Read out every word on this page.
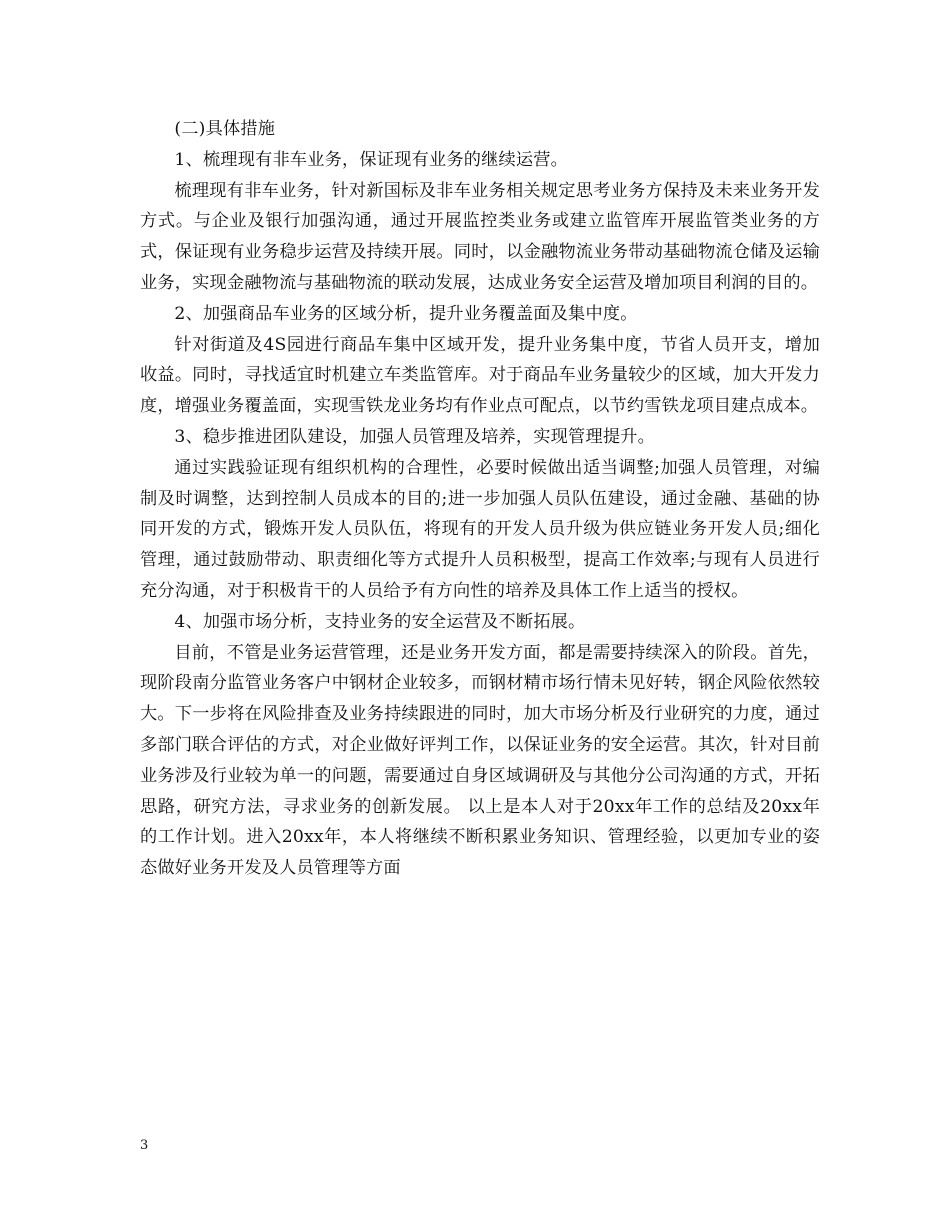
(二)具体措施

1、梳理现有非车业务，保证现有业务的继续运营。

梳理现有非车业务，针对新国标及非车业务相关规定思考业务方保持及未来业务开发方式。与企业及银行加强沟通，通过开展监控类业务或建立监管库开展监管类业务的方式，保证现有业务稳步运营及持续开展。同时，以金融物流业务带动基础物流仓储及运输业务，实现金融物流与基础物流的联动发展，达成业务安全运营及增加项目利润的目的。

2、加强商品车业务的区域分析，提升业务覆盖面及集中度。

针对街道及4S园进行商品车集中区域开发，提升业务集中度，节省人员开支，增加收益。同时，寻找适宜时机建立车类监管库。对于商品车业务量较少的区域，加大开发力度，增强业务覆盖面，实现雪铁龙业务均有作业点可配点，以节约雪铁龙项目建点成本。

3、稳步推进团队建设，加强人员管理及培养，实现管理提升。

通过实践验证现有组织机构的合理性，必要时候做出适当调整;加强人员管理，对编制及时调整，达到控制人员成本的目的;进一步加强人员队伍建设，通过金融、基础的协同开发的方式，锻炼开发人员队伍，将现有的开发人员升级为供应链业务开发人员;细化管理，通过鼓励带动、职责细化等方式提升人员积极型，提高工作效率;与现有人员进行充分沟通，对于积极肯干的人员给予有方向性的培养及具体工作上适当的授权。

4、加强市场分析，支持业务的安全运营及不断拓展。

目前，不管是业务运营管理，还是业务开发方面，都是需要持续深入的阶段。首先，现阶段南分监管业务客户中钢材企业较多，而钢材精市场行情未见好转，钢企风险依然较大。下一步将在风险排查及业务持续跟进的同时，加大市场分析及行业研究的力度，通过多部门联合评估的方式，对企业做好评判工作，以保证业务的安全运营。其次，针对目前业务涉及行业较为单一的问题，需要通过自身区域调研及与其他分公司沟通的方式，开拓思路，研究方法，寻求业务的创新发展。 以上是本人对于20xx年工作的总结及20xx年的工作计划。进入20xx年，本人将继续不断积累业务知识、管理经验，以更加专业的姿态做好业务开发及人员管理等方面

3
